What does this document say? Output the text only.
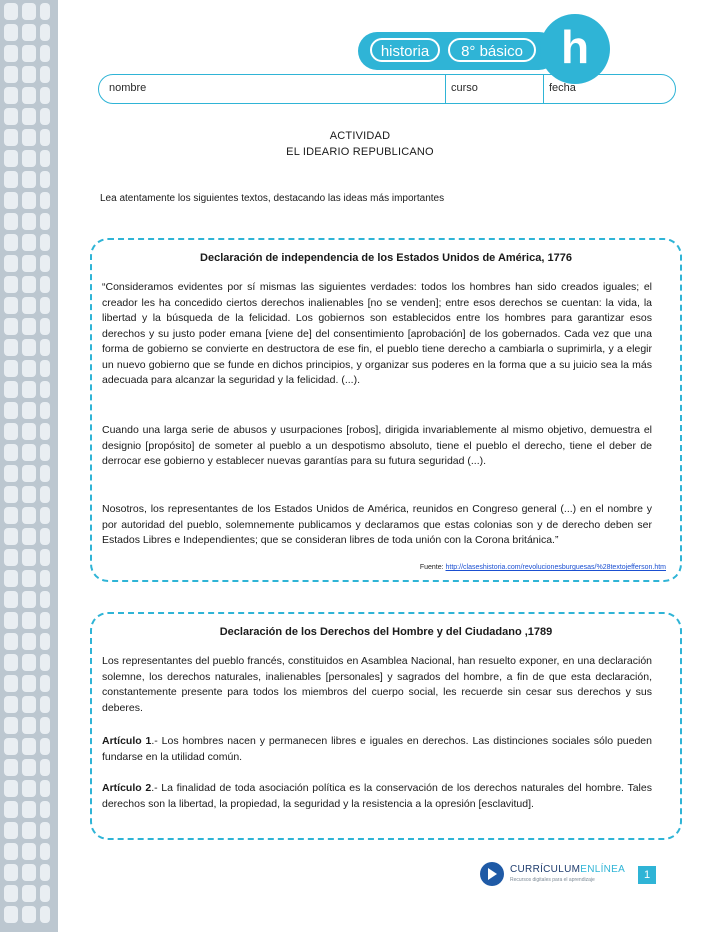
historia	8° básico h
nombre	curso	fecha
ACTIVIDAD
EL IDEARIO REPUBLICANO
Lea atentamente los siguientes textos, destacando las ideas más importantes
Declaración de independencia de los Estados Unidos de América, 1776

“Consideramos evidentes por sí mismas las siguientes verdades: todos los hombres han sido creados iguales; el creador les ha concedido ciertos derechos inalienables [no se venden]; entre esos derechos se cuentan: la vida, la libertad y la búsqueda de la felicidad. Los gobiernos son establecidos entre los hombres para garantizar esos derechos y su justo poder emana [viene de] del consentimiento [aprobación] de los gobernados. Cada vez que una forma de gobierno se convierte en destructora de ese fin, el pueblo tiene derecho a cambiarla o suprimirla, y a elegir un nuevo gobierno que se funde en dichos principios, y organizar sus poderes en la forma que a su juicio sea la más adecuada para alcanzar la seguridad y la felicidad. (...).

Cuando una larga serie de abusos y usurpaciones [robos], dirigida invariablemente al mismo objetivo, demuestra el designio [propósito] de someter al pueblo a un despotismo absoluto, tiene el pueblo el derecho, tiene el deber de derrocar ese gobierno y establecer nuevas garantías para su futura seguridad (...).

Nosotros, los representantes de los Estados Unidos de América, reunidos en Congreso general (...) en el nombre y por autoridad del pueblo, solemnemente publicamos y declaramos que estas colonias son y de derecho deben ser Estados Libres e Independientes; que se consideran libres de toda unión con la Corona británica.”

Fuente: http://claseshistoria.com/revolucionesburguesas/%28textojefferson.htm
Declaración de los Derechos del Hombre y del Ciudadano ,1789

Los representantes del pueblo francés, constituidos en Asamblea Nacional, han resuelto exponer, en una declaración solemne, los derechos naturales, inalienables [personales] y sagrados del hombre, a fin de que esta declaración, constantemente presente para todos los miembros del cuerpo social, les recuerde sin cesar sus derechos y sus deberes.

Artículo 1.- Los hombres nacen y permanecen libres e iguales en derechos. Las distinciones sociales sólo pueden fundarse en la utilidad común.

Artículo 2.- La finalidad de toda asociación política es la conservación de los derechos naturales del hombre. Tales derechos son la libertad, la propiedad, la seguridad y la resistencia a la opresión [esclavitud].

CURRÍCULUMENLÍNEA
Recursos digitales para el aprendizaje	1
